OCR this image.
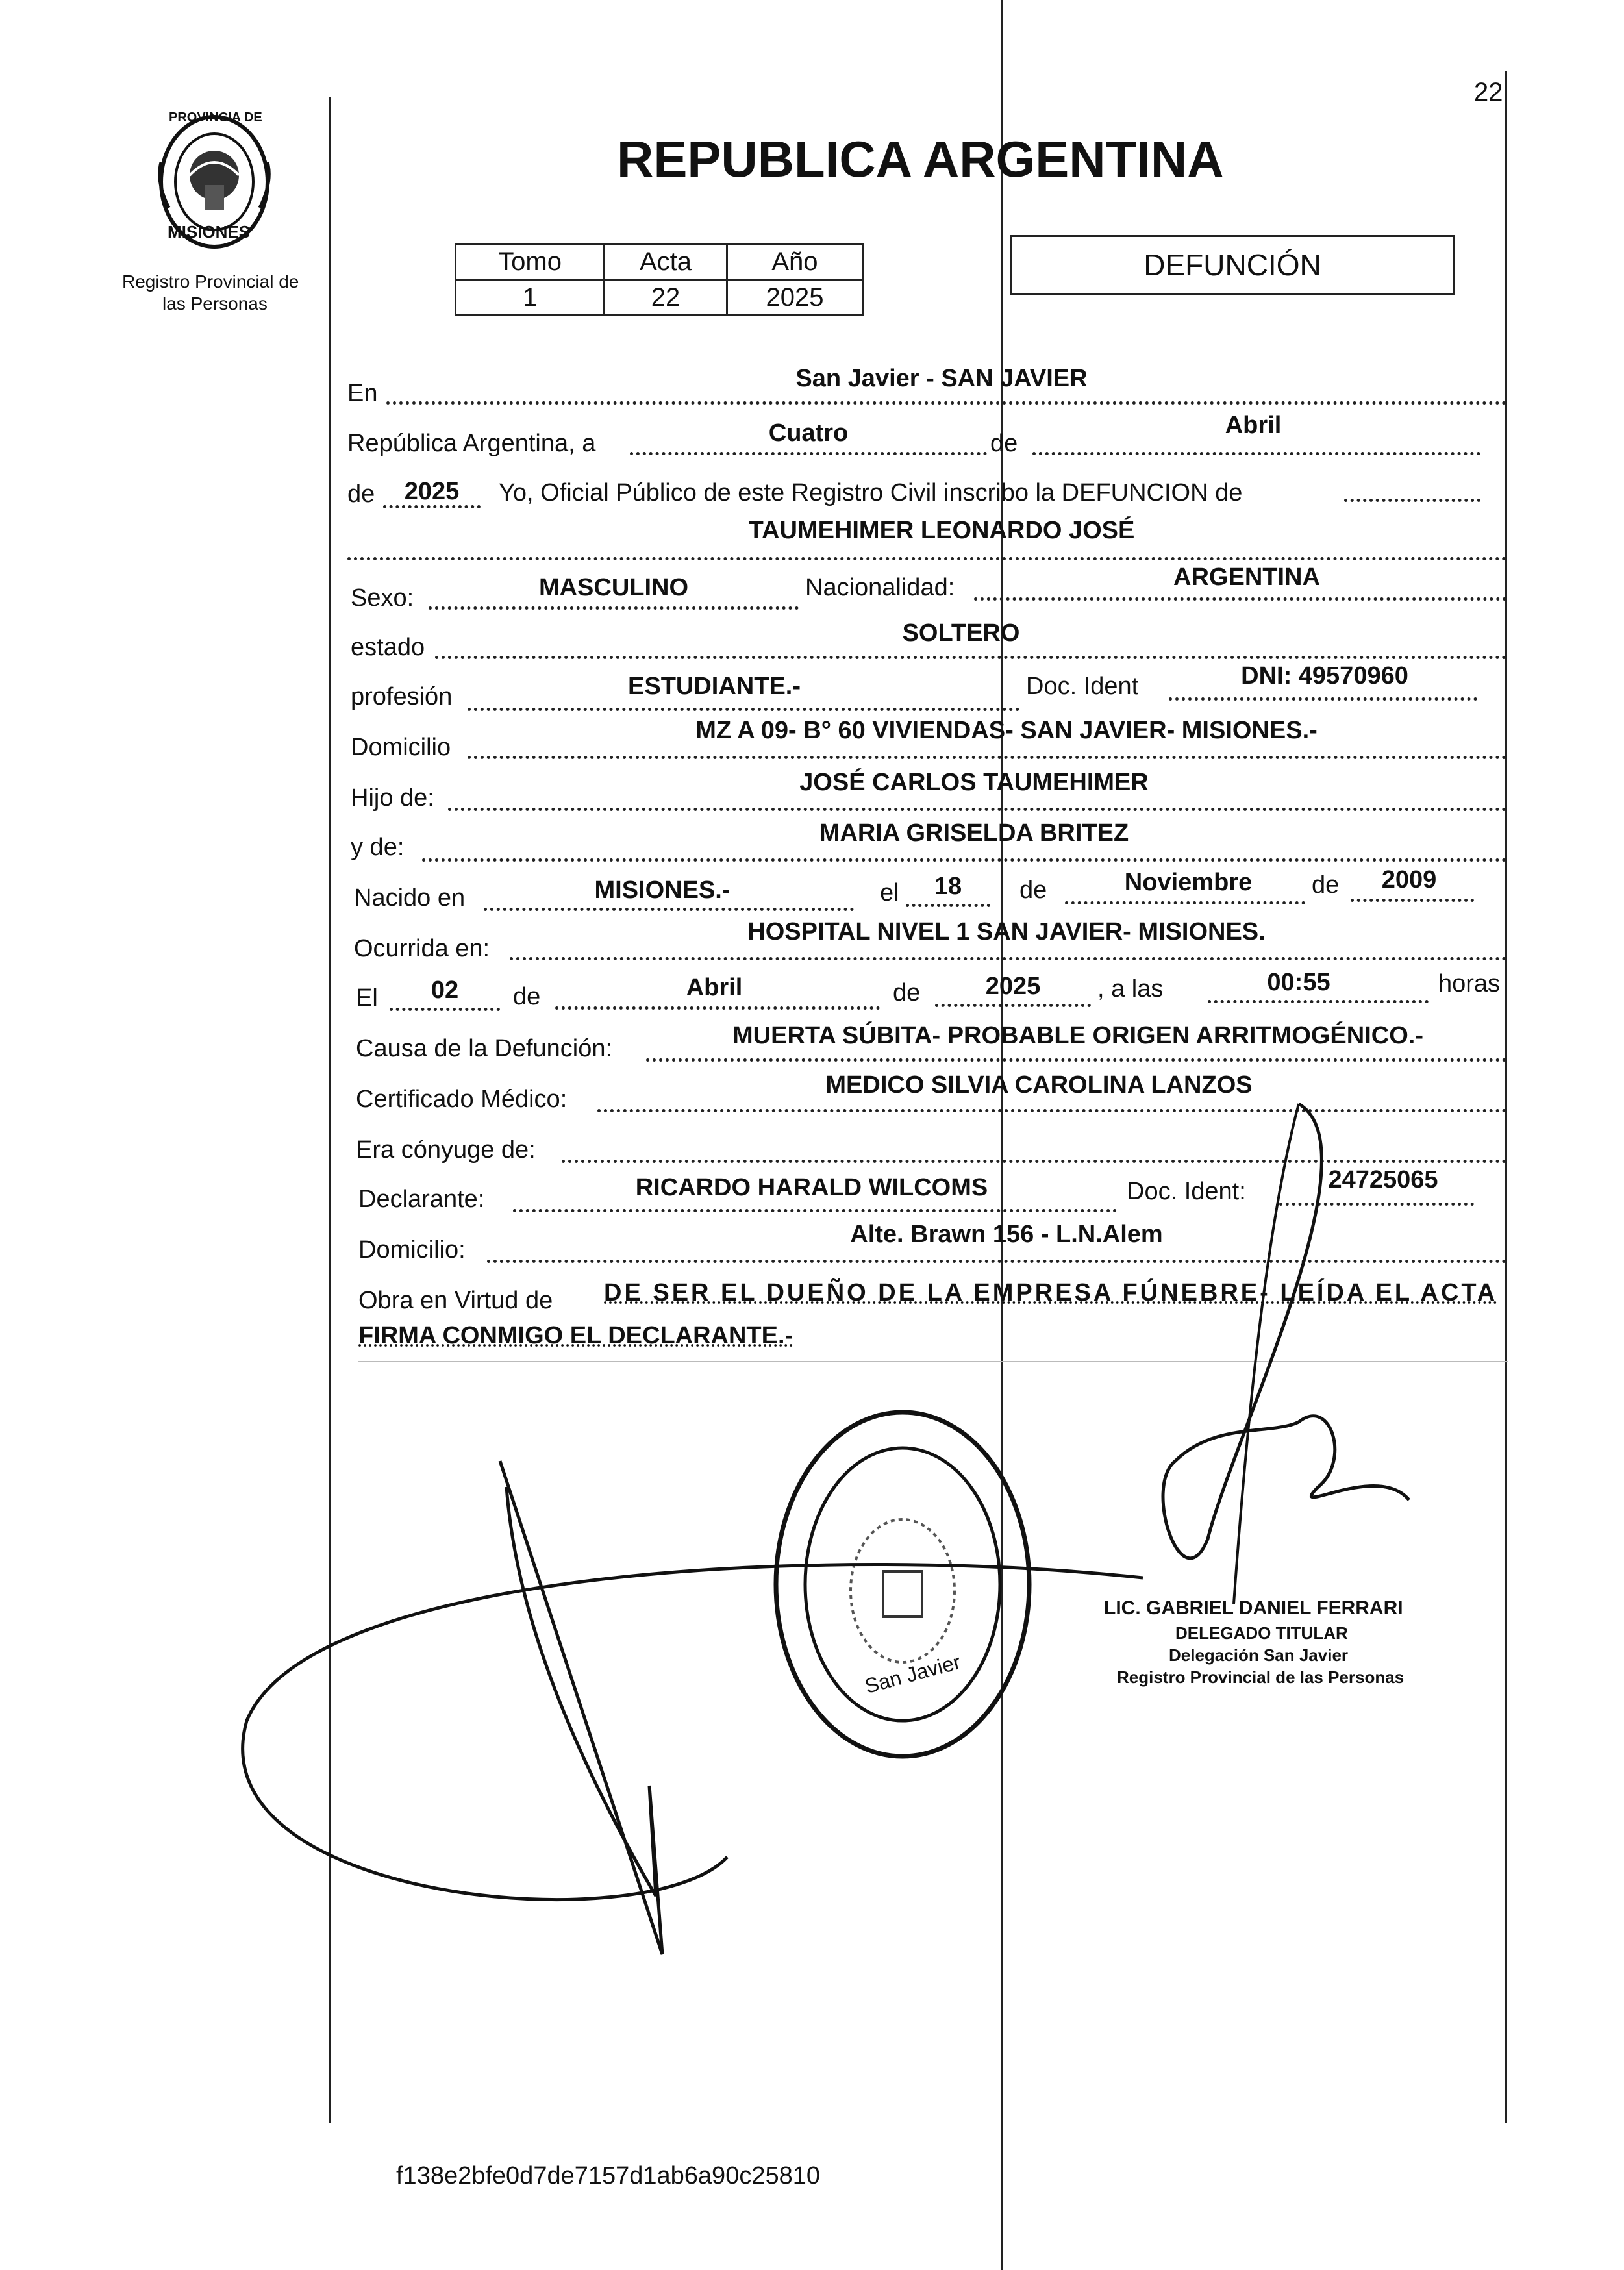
22
PROVINCIA DE
MISIONES
Registro Provincial de
las Personas
REPUBLICA ARGENTINA
Tomo	Acta	Año
1	22	2025
DEFUNCIÓN
En
San Javier - SAN JAVIER
República Argentina, a	Cuatro	de
Abril
de	2025	Yo, Oficial Público de este Registro Civil inscribo la DEFUNCION de
TAUMEHIMER LEONARDO JOSÉ
Sexo:	MASCULINO	Nacionalidad:	ARGENTINA
estado
SOLTERO
profesión	ESTUDIANTE.-	Doc. Ident	DNI: 49570960
Domicilio
MZ A 09- B° 60 VIVIENDAS- SAN JAVIER- MISIONES.-
Hijo de:
JOSÉ CARLOS TAUMEHIMER
y de:
MARIA GRISELDA BRITEZ
Nacido en	MISIONES.-	el	18	de	Noviembre	de	2009
Ocurrida en:
HOSPITAL NIVEL 1 SAN JAVIER- MISIONES.
El	02	de	Abril	de	2025	, a las	00:55	horas
Causa de la Defunción:	MUERTA SÚBITA- PROBABLE ORIGEN ARRITMOGÉNICO.-
Certificado Médico:
MEDICO SILVIA CAROLINA LANZOS
Era cónyuge de:
Declarante:	RICARDO HARALD WILCOMS	Doc. Ident:	24725065
Domicilio:
Alte. Brawn 156 - L.N.Alem
Obra en Virtud de DE SER EL DUEÑO DE LA EMPRESA FÚNEBRE- LEÍDA EL ACTA
FIRMA CONMIGO EL DECLARANTE.-
San Javier
LIC. GABRIEL DANIEL FERRARI
DELEGADO TITULAR
Delegación San Javier
Registro Provincial de las Personas
f138e2bfe0d7de7157d1ab6a90c25810
